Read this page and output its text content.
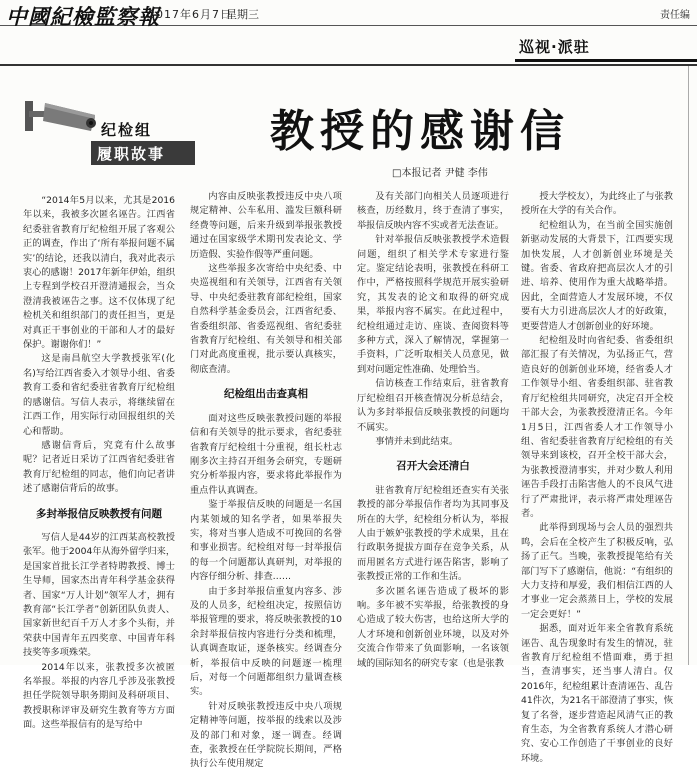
中國紀檢監察報
2017年6月7日
星期三	责任编
巡视·派驻
纪检组
履职故事 教授的感谢信
□本报记者 尹健 李伟

“2014年5月以来，尤其是2016年以来，我被多次匿名诬告。江西省纪委驻省教育厅纪检组开展了客观公正的调查，作出了‘所有举报问题不属实’的结论，还我以清白，我对此表示衷心的感谢！2017年新年伊始，组织上专程到学校召开澄清通报会，当众澄清我被诬告之事。这不仅体现了纪检机关和组织部门的责任担当，更是对真正干事创业的干部和人才的最好保护。谢谢你们！”

这是南昌航空大学教授张军(化名)写给江西省委入才领导小组、省委教育工委和省纪委驻省教育厅纪检组的感谢信。写信人表示，将继续留在江西工作，用实际行动回报组织的关心和帮助。

感谢信背后，究竟有什么故事呢？记者近日采访了江西省纪委驻省教育厅纪检组的同志，他们向记者讲述了感谢信背后的故事。

多封举报信反映教授有问题

写信人是44岁的江西某高校教授张军。他于2004年从海外留学归来，是国家首批长江学者特聘教授、博士生导师，国家杰出青年科学基金获得者、国家“万人计划”领军人才，拥有教育部“长江学者”创新团队负责人、国家新世纪百千万人才多个头衔，并荣获中国青年五四奖章、中国青年科技奖等多项殊荣。

2014年以来，张教授多次被匿名举报。举报的内容几乎涉及张教授担任学院领导职务期间及科研项目、教授职称评审及研究生教育等方方面面。这些举报信有的是写给中

内容由反映张教授违反中央八项规定精神、公车私用、滥发巨额科研经费等问题，后来升级到举报张教授通过在国家级学术期刊发表论文、学历造假、实验作假等严重问题。

这些举报多次寄给中央纪委、中央巡视组和有关领导，江西省有关领导、中央纪委驻教育部纪检组，国家自然科学基金委员会，江西省纪委、省委组织部、省委巡视组、省纪委驻省教育厅纪检组、有关领导和相关部门对此高度重视，批示要认真核实，彻底查清。

纪检组出击查真相

面对这些反映张教授问题的举报信和有关领导的批示要求，省纪委驻省教育厅纪检组十分重视，组长杜志刚多次主持召开组务会研究，专题研究分析举报内容，要求将此举报作为重点件认真调查。

鉴于举报信反映的问题是一名国内某领域的知名学者，如果举报失实，将对当事人造成不可挽回的名誉和事业损害。纪检组对每一封举报信的每一个问题都认真研判，对举报的内容仔细分析、排查……

由于多封举报信重复内容多、涉及的人员多，纪检组决定，按照信访举报管理的要求，将反映张教授的10余封举报信按内容进行分类和梳理，认真调查取证，逐条核实。经调查分析，举报信中反映的问题逐一梳理后，对每一个问题都组织力量调查核实。

针对反映张教授违反中央八项规定精神等问题，按举报的线索以及涉及的部门和对象，逐一调查。经调查，张教授在任学院院长期间，严格执行公车使用规定

及有关部门向相关人员逐项进行核查，历经数月，终于查清了事实，举报信反映内容不实或者无法查证。

针对举报信反映张教授学术造假问题，组织了相关学术专家进行鉴定。鉴定结论表明，张教授在科研工作中，严格按照科学规范开展实验研究，其发表的论文和取得的研究成果，举报内容不属实。在此过程中，纪检组通过走访、座谈、查阅资料等多种方式，深入了解情况，掌握第一手资料，广泛听取相关人员意见，做到对问题定性准确、处理恰当。

信访核查工作结束后，驻省教育厅纪检组召开核查情况分析总结会，认为多封举报信反映张教授的问题均不属实。

事情并未到此结束。

召开大会还清白

驻省教育厅纪检组还查实有关张教授的部分举报信作者均为其同事及所在的大学，纪检组分析认为，举报人由于嫉妒张教授的学术成果，且在行政职务提拔方面存在竞争关系，从而用匿名方式进行诬告陷害，影响了张教授正常的工作和生活。

多次匿名诬告造成了极坏的影响。多年被不实举报，给张教授的身心造成了较大伤害，也给这所大学的人才环境和创新创业环境，以及对外交流合作带来了负面影响，一名该领域的国际知名的研究专家（也是张教

授大学校友），为此终止了与张教授所在大学的有关合作。

纪检组认为，在当前全国实施创新驱动发展的大背景下，江西要实现加快发展，人才创新创业环境是关键。省委、省政府把高层次人才的引进、培养、使用作为重大战略举措。因此，全面营造人才发展环境，不仅要有大力引进高层次人才的好政策，更要营造人才创新创业的好环境。

纪检组及时向省纪委、省委组织部汇报了有关情况，为弘扬正气，营造良好的创新创业环境，经省委人才工作领导小组、省委组织部、驻省教育厅纪检组共同研究，决定召开全校干部大会，为张教授澄清正名。今年1月5日，江西省委人才工作领导小组、省纪委驻省教育厅纪检组的有关领导来到该校，召开全校干部大会，为张教授澄清事实，并对少数人利用诬告手段打击陷害他人的不良风气进行了严肃批评，表示将严肃处理诬告者。

此举得到现场与会人员的强烈共鸣，会后在全校产生了积极反响，弘扬了正气。当晚，张教授提笔给有关部门写下了感谢信，他说：“有组织的大力支持和厚爱，我们相信江西的人才事业一定会蒸蒸日上，学校的发展一定会更好！”

据悉，面对近年来全省教育系统诬告、乱告现象时有发生的情况，驻省教育厅纪检组不惜面难，勇于担当，查清事实，还当事人清白。仅2016年，纪检组累计查清诬告、乱告41件次，为21名干部澄清了事实，恢复了名誉，逐步营造起风清气正的教育生态，为全省教育系统人才潜心研究、安心工作创造了干事创业的良好环境。
